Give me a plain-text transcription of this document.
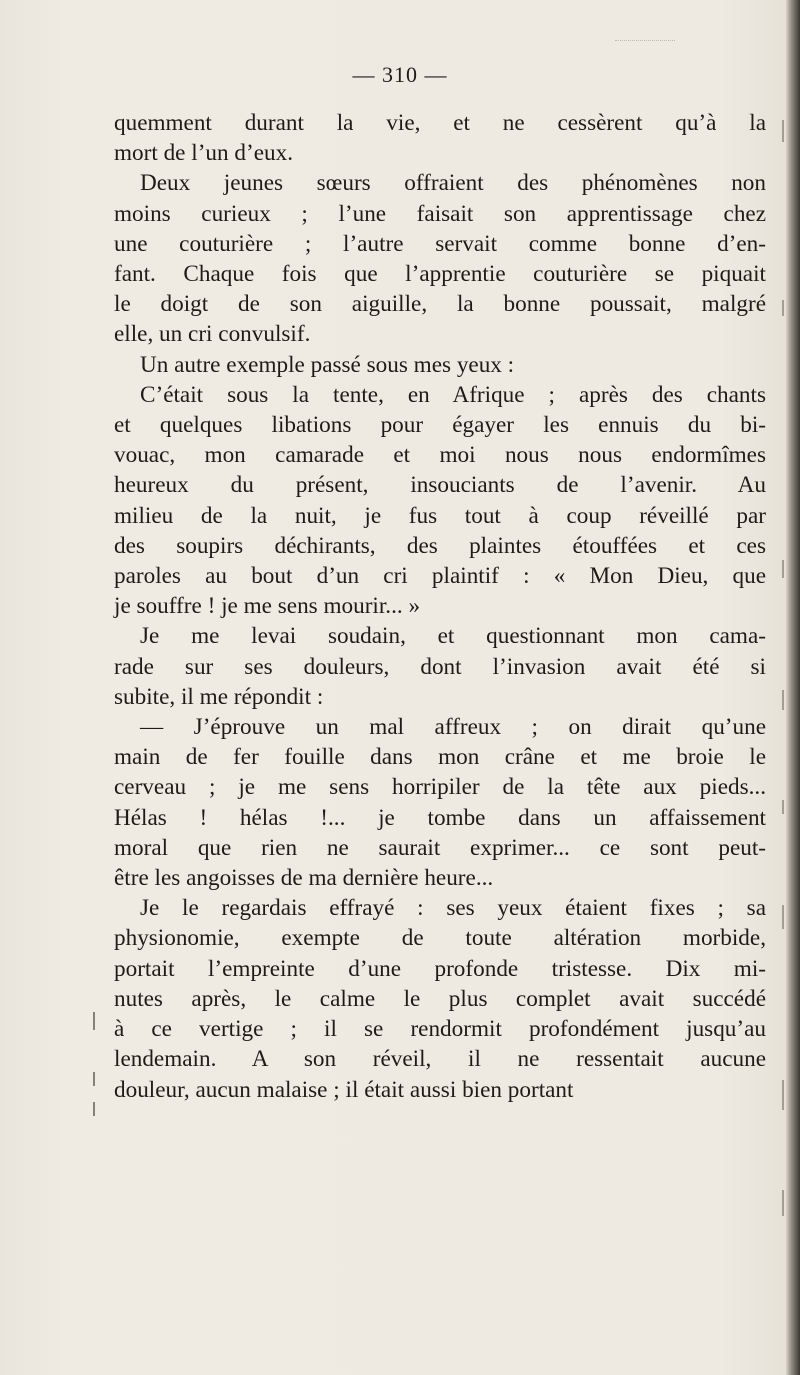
— 310 —
quemment durant la vie, et ne cessèrent qu’à la
mort de l’un d’eux.
Deux jeunes sœurs offraient des phénomènes non
moins curieux ; l’une faisait son apprentissage chez
une couturière ; l’autre servait comme bonne d’en-
fant. Chaque fois que l’apprentie couturière se piquait
le doigt de son aiguille, la bonne poussait, malgré
elle, un cri convulsif.
Un autre exemple passé sous mes yeux :
C’était sous la tente, en Afrique ; après des chants
et quelques libations pour égayer les ennuis du bi-
vouac, mon camarade et moi nous nous endormîmes
heureux du présent, insouciants de l’avenir. Au
milieu de la nuit, je fus tout à coup réveillé par
des soupirs déchirants, des plaintes étouffées et ces
paroles au bout d’un cri plaintif : « Mon Dieu, que
je souffre ! je me sens mourir... »
Je me levai soudain, et questionnant mon cama-
rade sur ses douleurs, dont l’invasion avait été si
subite, il me répondit :
— J’éprouve un mal affreux ; on dirait qu’une
main de fer fouille dans mon crâne et me broie le
cerveau ; je me sens horripiler de la tête aux pieds...
Hélas ! hélas !... je tombe dans un affaissement
moral que rien ne saurait exprimer... ce sont peut-
être les angoisses de ma dernière heure...
Je le regardais effrayé : ses yeux étaient fixes ; sa
physionomie, exempte de toute altération morbide,
portait l’empreinte d’une profonde tristesse. Dix mi-
nutes après, le calme le plus complet avait succédé
à ce vertige ; il se rendormit profondément jusqu’au
lendemain. A son réveil, il ne ressentait aucune
douleur, aucun malaise ; il était aussi bien portant
